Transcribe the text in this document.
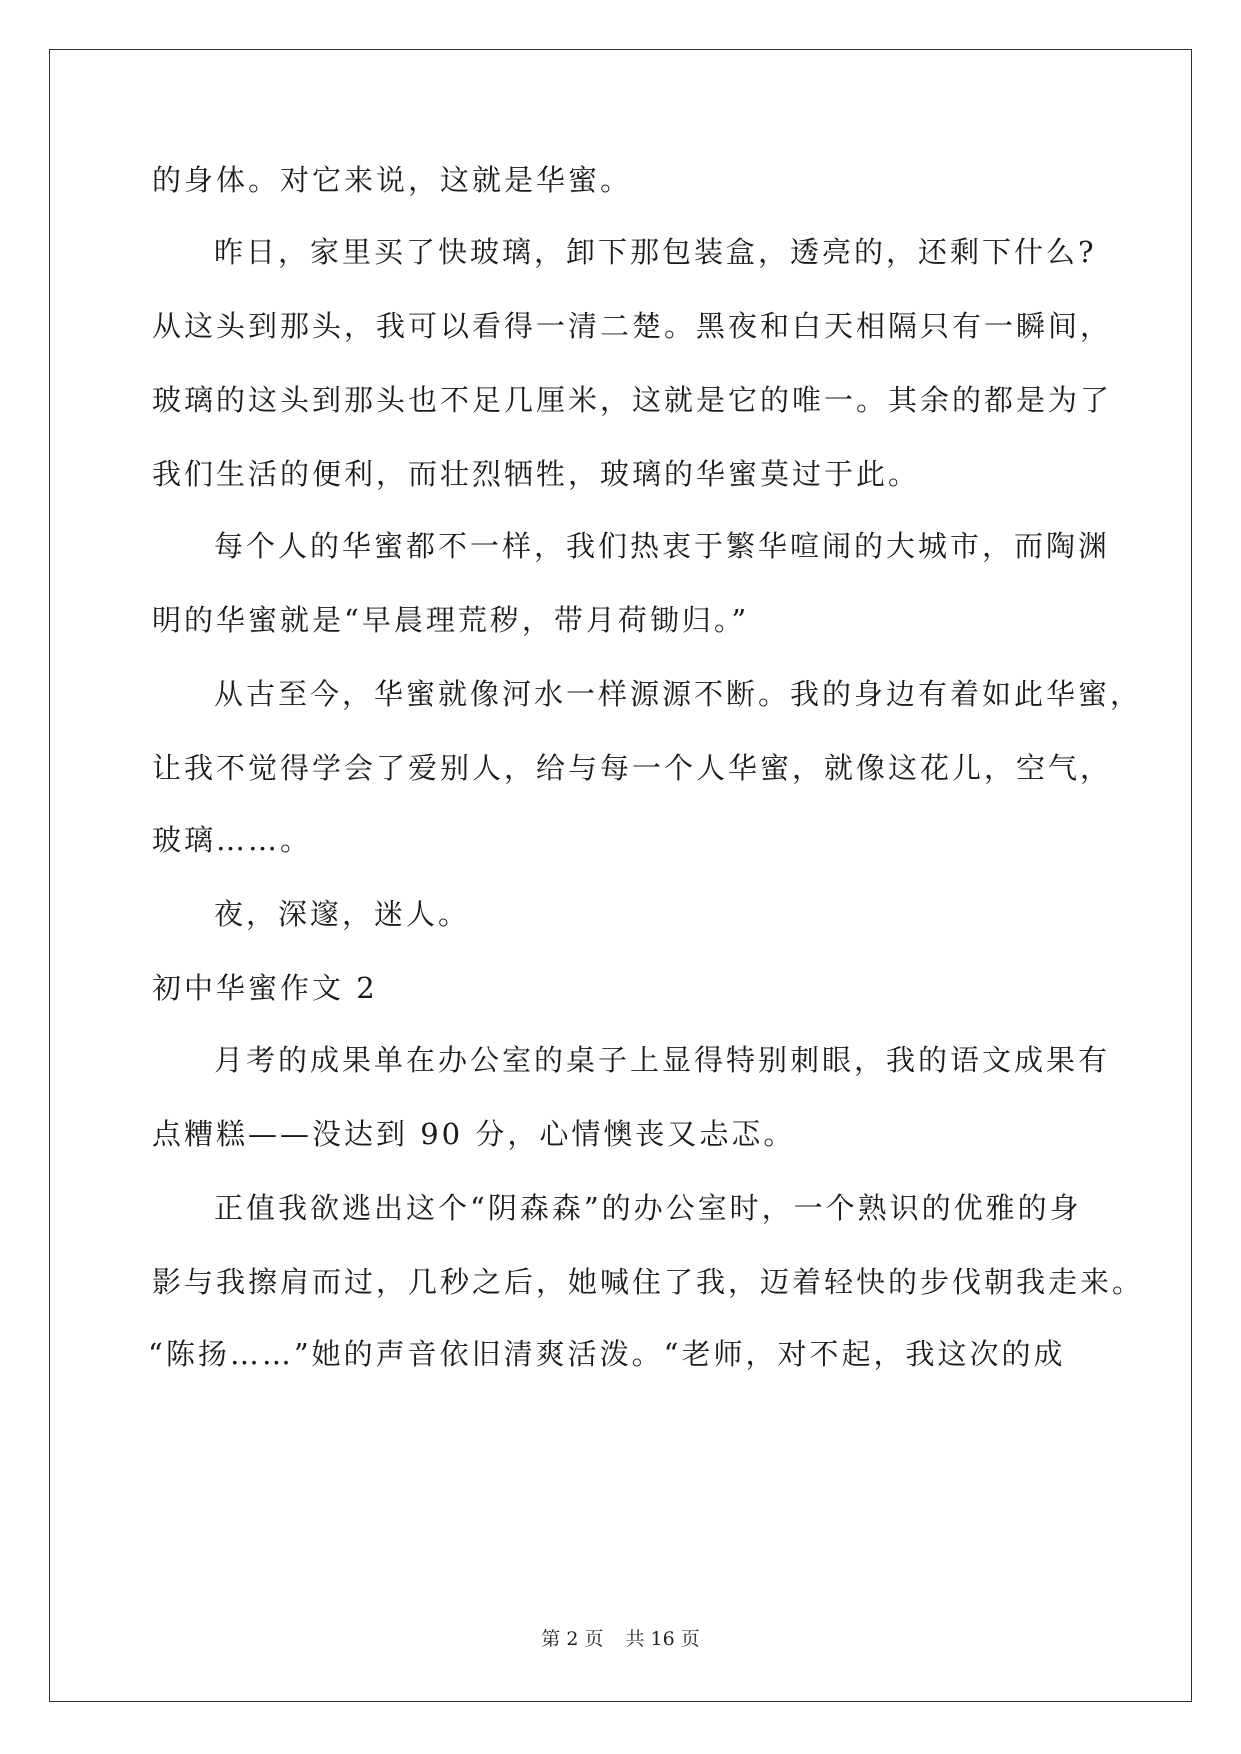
的身体。对它来说，这就是华蜜。
昨日，家里买了快玻璃，卸下那包装盒，透亮的，还剩下什么?
从这头到那头，我可以看得一清二楚。黑夜和白天相隔只有一瞬间，
玻璃的这头到那头也不足几厘米，这就是它的唯一。其余的都是为了
我们生活的便利，而壮烈牺牲，玻璃的华蜜莫过于此。
每个人的华蜜都不一样，我们热衷于繁华喧闹的大城市，而陶渊
明的华蜜就是“早晨理荒秽，带月荷锄归。”
从古至今，华蜜就像河水一样源源不断。我的身边有着如此华蜜，
让我不觉得学会了爱别人，给与每一个人华蜜，就像这花儿，空气，
玻璃……。
夜，深邃，迷人。
初中华蜜作文 2
月考的成果单在办公室的桌子上显得特别刺眼，我的语文成果有
点糟糕——没达到 90 分，心情懊丧又忐忑。
正值我欲逃出这个“阴森森”的办公室时，一个熟识的优雅的身
影与我擦肩而过，几秒之后，她喊住了我，迈着轻快的步伐朝我走来。
“陈扬……”她的声音依旧清爽活泼。“老师，对不起，我这次的成
第 2 页 共 16 页
